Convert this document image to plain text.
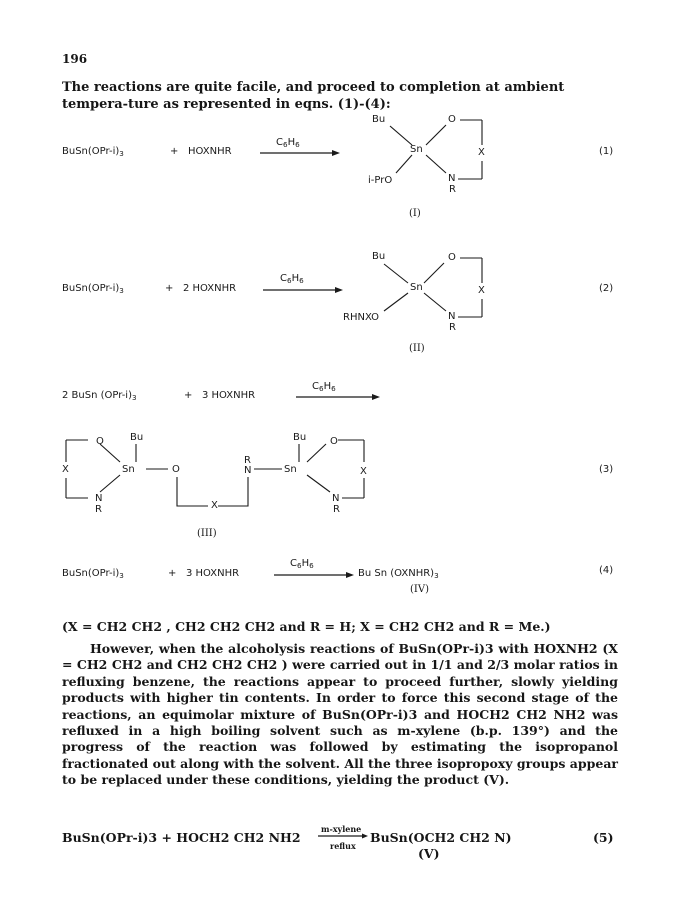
196

The reactions are quite facile, and proceed to completion at ambient tempera-ture as represented in eqns. (1)-(4):

$BuSn(OPr-i)_3$	+ HOXNHR
$C_6H_6$
Bu	O
Sn	X
i-PrO	N
R
(1)
(I)
$BuSn(OPr-i)_3$	+ 2 HOXNHR
$C_6H_6$
Bu	O
Sn	X
RHNXO	N
R
(2)
(II)
2 BuSn $(OPr-i)_3$	+ 3 HOXNHR
$C_6H_6$
O	Bu
X	Sn	O
N
R	X
R
N
Bu O
Sn	X
N
R
(3)
(III)
$BuSn(OPr-i)_3$	+ 3 HOXNHR
$C_6H_6$
Bu Sn $(OXNHR)_3$
(IV)
(4)

(X = CH2 CH2 , CH2 CH2 CH2 and R = H; X = CH2 CH2 and R = Me.)

However, when the alcoholysis reactions of BuSn(OPr-i)3 with HOXNH2 (X = CH2 CH2 and CH2 CH2 CH2 ) were carried out in 1/1 and 2/3 molar ratios in refluxing benzene, the reactions appear to proceed further, slowly yielding products with higher tin contents. In order to force this second stage of the reactions, an equimolar mixture of BuSn(OPr-i)3 and HOCH2 CH2 NH2 was refluxed in a high boiling solvent such as m-xylene (b.p. 139°) and the progress of the reaction was followed by estimating the isopropanol fractionated out along with the solvent. All the three isopropoxy groups appear to be replaced under these conditions, yielding the product (V).

BuSn(OPr-i)3 + HOCH2 CH2 NH2
m-xylene
reflux
BuSn(OCH2 CH2 N)	(5)
(V)
